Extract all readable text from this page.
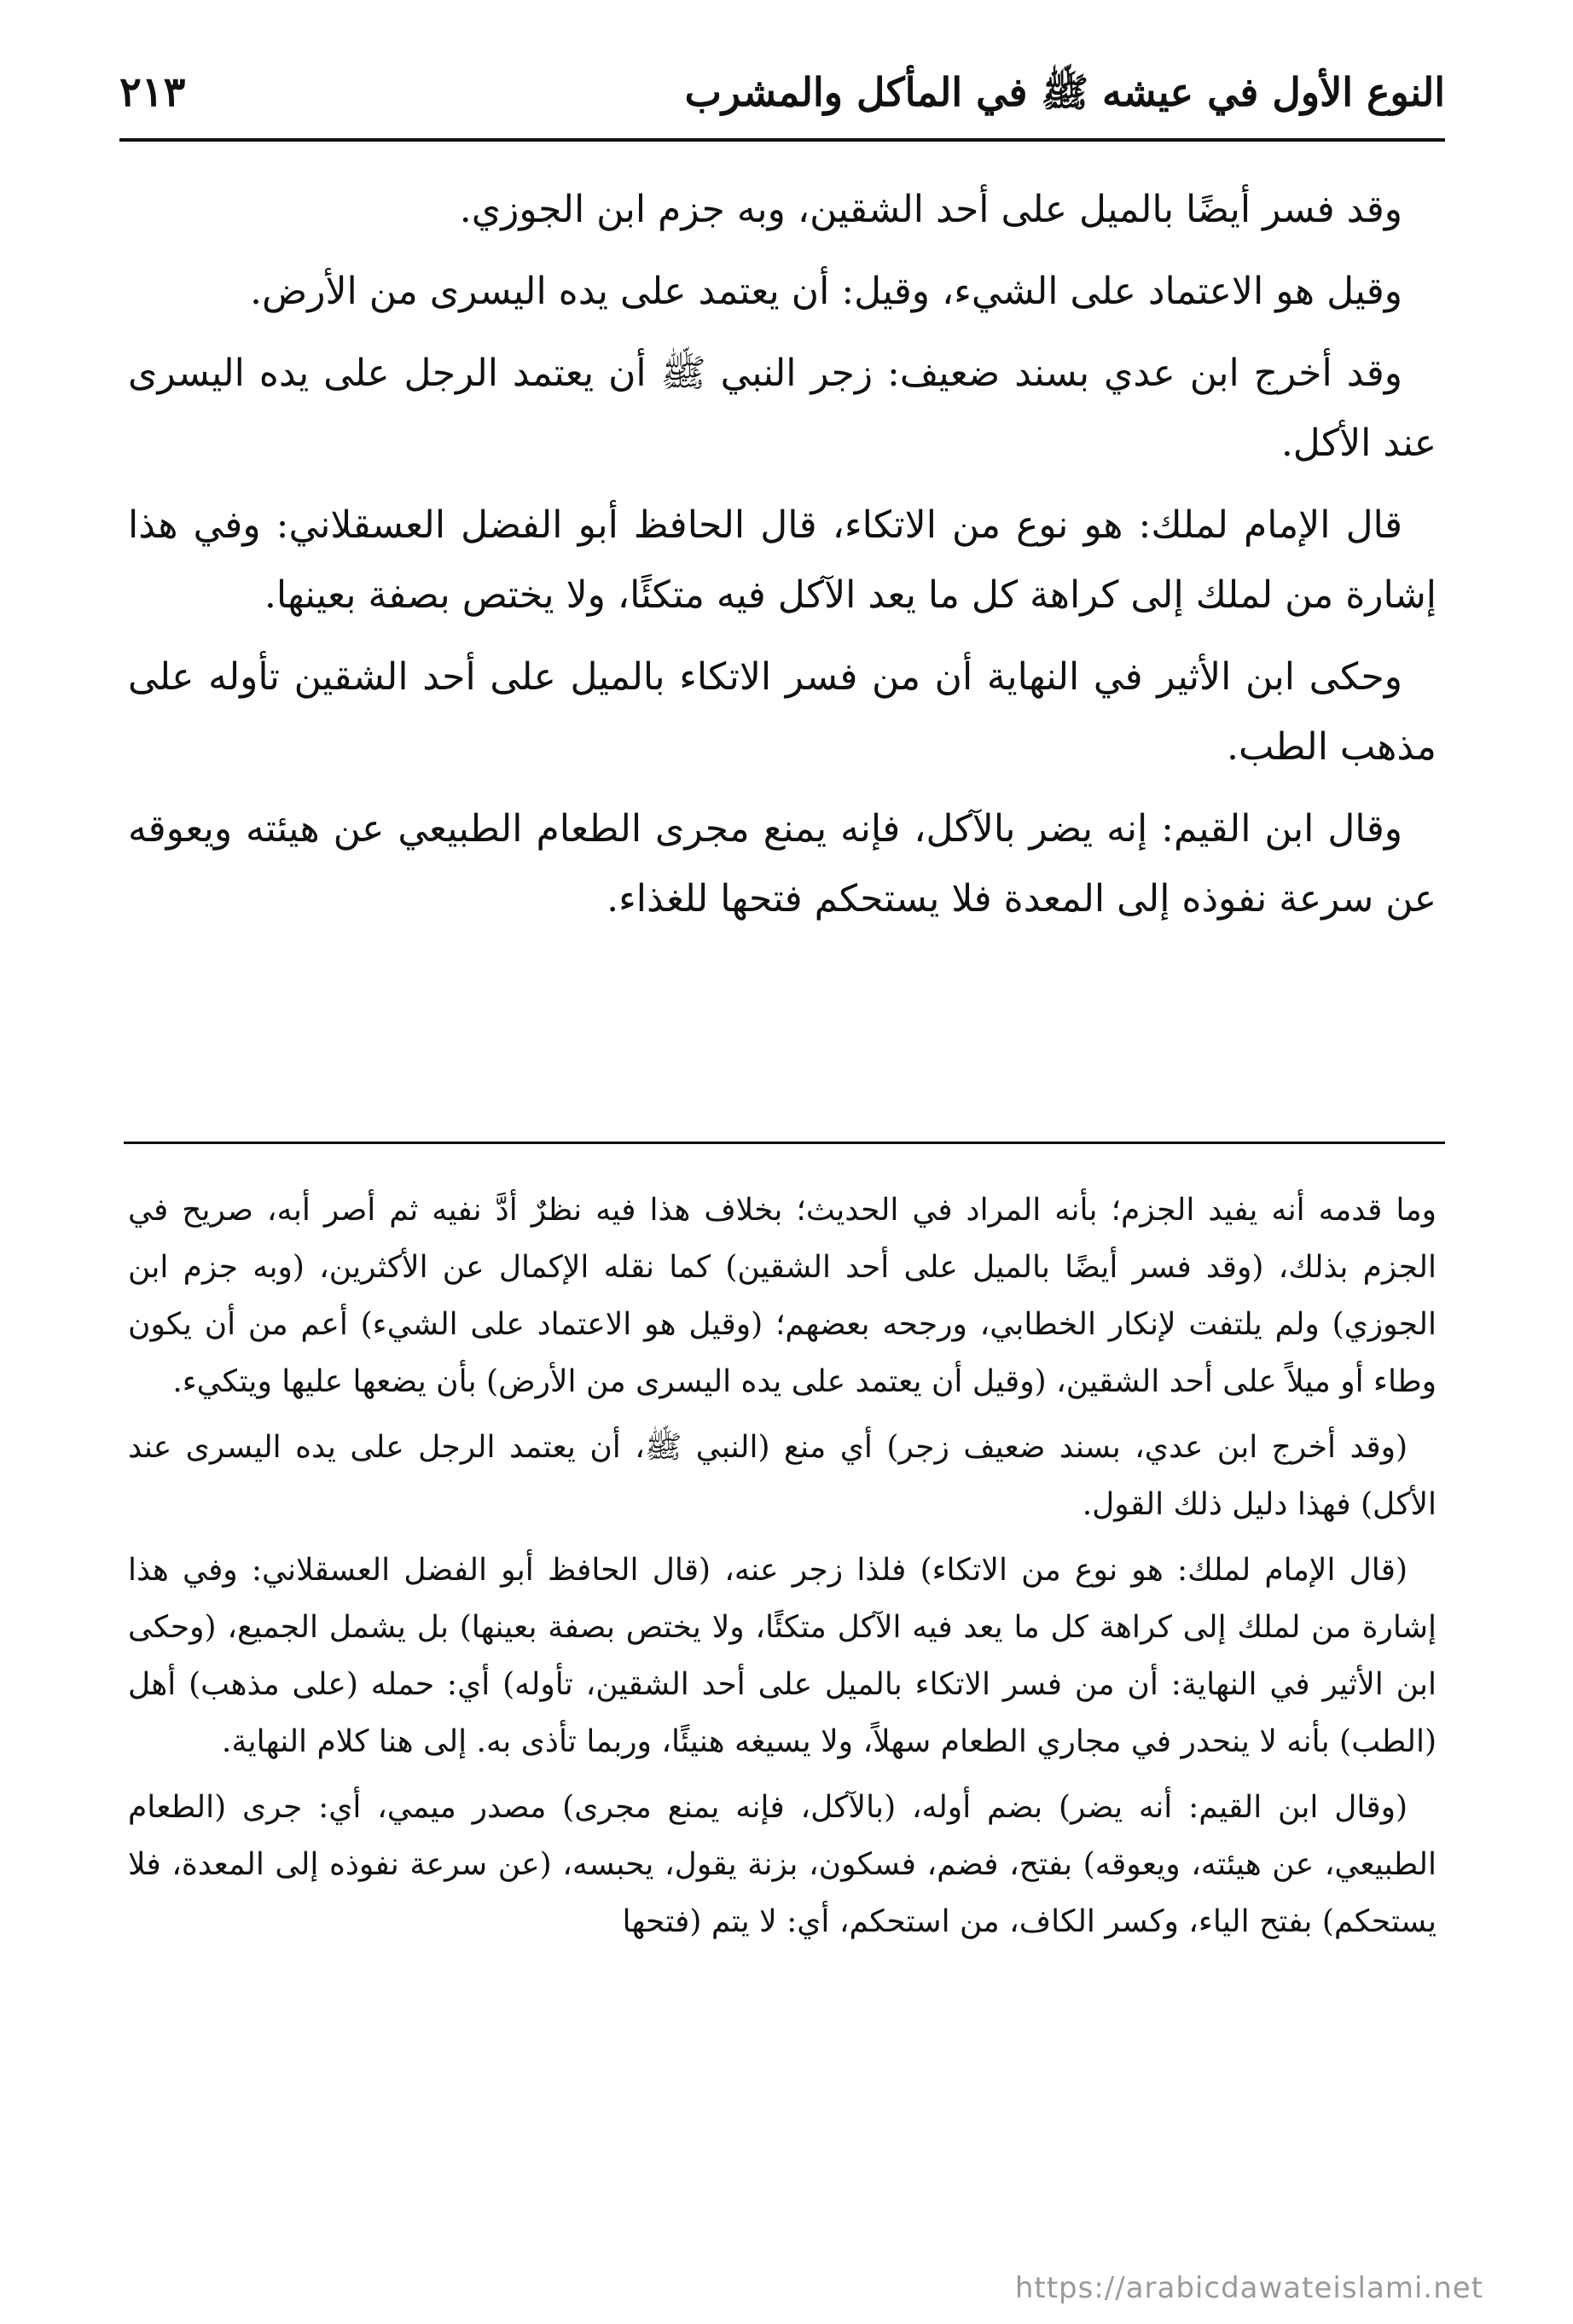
النوع الأول في عيشه ﷺ في المأكل والمشرب
٢١٣

وقد فسر أيضًا بالميل على أحد الشقين، وبه جزم ابن الجوزي.

وقيل هو الاعتماد على الشيء، وقيل: أن يعتمد على يده اليسرى من الأرض.

وقد أخرج ابن عدي بسند ضعيف: زجر النبي ﷺ أن يعتمد الرجل على يده اليسرى عند الأكل.

قال الإمام لملك: هو نوع من الاتكاء، قال الحافظ أبو الفضل العسقلاني: وفي هذا إشارة من لملك إلى كراهة كل ما يعد الآكل فيه متكئًا، ولا يختص بصفة بعينها.

وحكى ابن الأثير في النهاية أن من فسر الاتكاء بالميل على أحد الشقين تأوله على مذهب الطب.

وقال ابن القيم: إنه يضر بالآكل، فإنه يمنع مجرى الطعام الطبيعي عن هيئته ويعوقه عن سرعة نفوذه إلى المعدة فلا يستحكم فتحها للغذاء.

وما قدمه أنه يفيد الجزم؛ بأنه المراد في الحديث؛ بخلاف هذا فيه نظرٌ أدَّ نفيه ثم أصر أبه، صريح في الجزم بذلك، (وقد فسر أيضًا بالميل على أحد الشقين) كما نقله الإكمال عن الأكثرين، (وبه جزم ابن الجوزي) ولم يلتفت لإنكار الخطابي، ورجحه بعضهم؛ (وقيل هو الاعتماد على الشيء) أعم من أن يكون وطاء أو ميلاً على أحد الشقين، (وقيل أن يعتمد على يده اليسرى من الأرض) بأن يضعها عليها ويتكيء.

(وقد أخرج ابن عدي، بسند ضعيف زجر) أي منع (النبي ﷺ، أن يعتمد الرجل على يده اليسرى عند الأكل) فهذا دليل ذلك القول.

(قال الإمام لملك: هو نوع من الاتكاء) فلذا زجر عنه، (قال الحافظ أبو الفضل العسقلاني: وفي هذا إشارة من لملك إلى كراهة كل ما يعد فيه الآكل متكئًا، ولا يختص بصفة بعينها) بل يشمل الجميع، (وحكى ابن الأثير في النهاية: أن من فسر الاتكاء بالميل على أحد الشقين، تأوله) أي: حمله (على مذهب) أهل (الطب) بأنه لا ينحدر في مجاري الطعام سهلاً، ولا يسيغه هنيئًا، وربما تأذى به. إلى هنا كلام النهاية.

(وقال ابن القيم: أنه يضر) بضم أوله، (بالآكل، فإنه يمنع مجرى) مصدر ميمي، أي: جرى (الطعام الطبيعي، عن هيئته، ويعوقه) بفتح، فضم، فسكون، بزنة يقول، يحبسه، (عن سرعة نفوذه إلى المعدة، فلا يستحكم) بفتح الياء، وكسر الكاف، من استحكم، أي: لا يتم (فتحها

https://arabicdawateislami.net
